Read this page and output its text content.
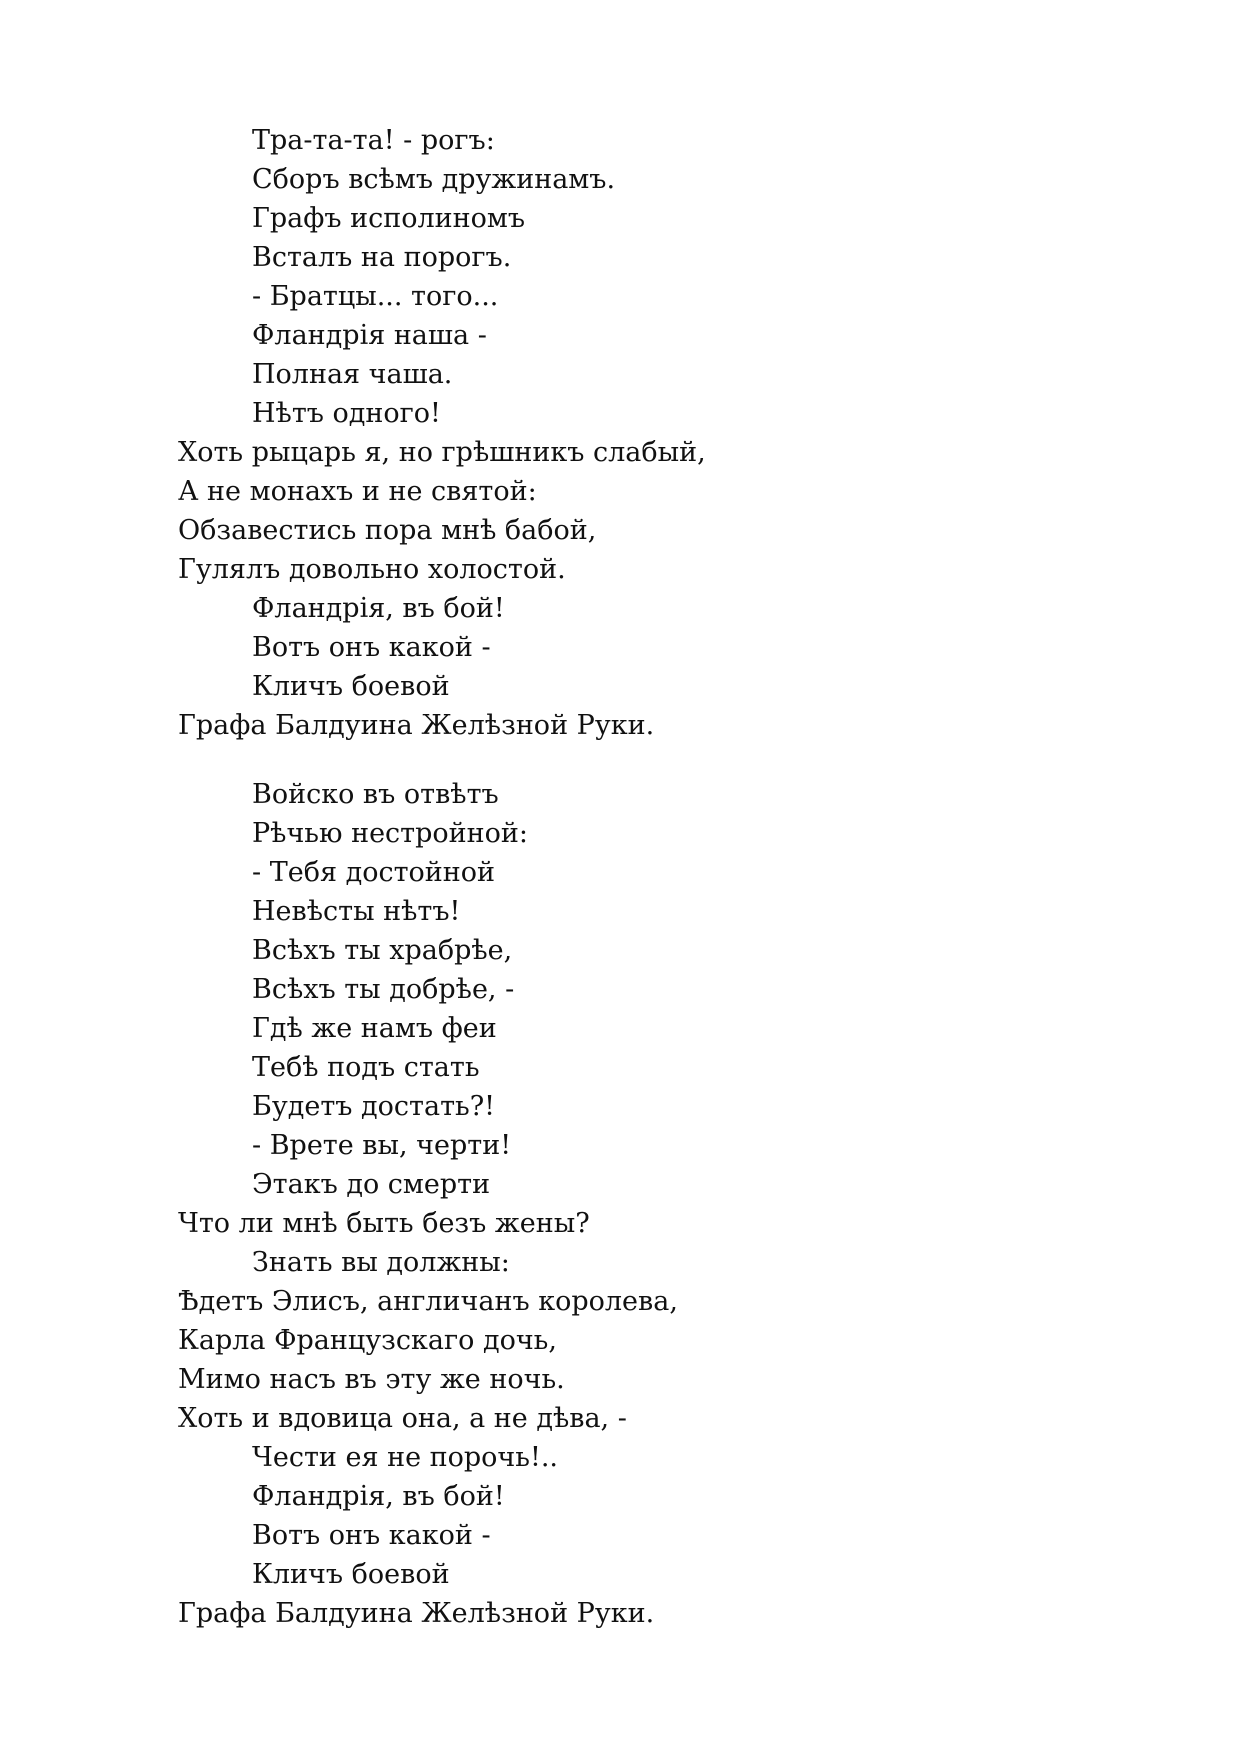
Тра-та-та! - рогъ:
Сборъ всѣмъ дружинамъ.
Графъ исполиномъ
Всталъ на порогъ.
- Братцы... того...
Фландрія наша -
Полная чаша.
Нѣтъ одного!
Хоть рыцарь я, но грѣшникъ слабый,
А не монахъ и не святой:
Обзавестись пора мнѣ бабой,
Гулялъ довольно холостой.
Фландрія, въ бой!
Вотъ онъ какой -
Кличъ боевой
Графа Балдуина Желѣзной Руки.
Войско въ отвѣтъ
Рѣчью нестройной:
- Тебя достойной
Невѣсты нѣтъ!
Всѣхъ ты храбрѣе,
Всѣхъ ты добрѣе, -
Гдѣ же намъ феи
Тебѣ подъ стать
Будетъ достать?!
- Врете вы, черти!
Этакъ до смерти
Что ли мнѣ быть безъ жены?
Знать вы должны:
Ѣдетъ Элисъ, англичанъ королева,
Карла Французскаго дочь,
Мимо насъ въ эту же ночь.
Хоть и вдовица она, а не дѣва, -
Чести ея не порочь!..
Фландрія, въ бой!
Вотъ онъ какой -
Кличъ боевой
Графа Балдуина Желѣзной Руки.
